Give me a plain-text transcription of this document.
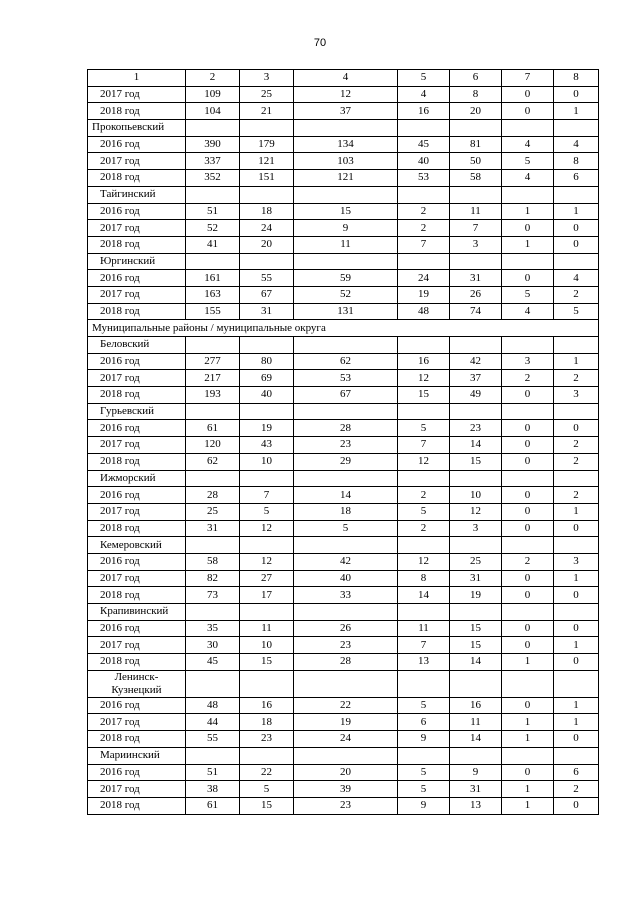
70
1	2	3	4	5	6	7	8
2017 год	109	25	12	4	8	0	0
2018 год	104	21	37	16	20	0	1
Прокопьевский							
2016 год	390	179	134	45	81	4	4
2017 год	337	121	103	40	50	5	8
2018 год	352	151	121	53	58	4	6
Тайгинский							
2016 год	51	18	15	2	11	1	1
2017 год	52	24	9	2	7	0	0
2018 год	41	20	11	7	3	1	0
Юргинский							
2016 год	161	55	59	24	31	0	4
2017 год	163	67	52	19	26	5	2
2018 год	155	31	131	48	74	4	5
Муниципальные районы / муниципальные округа							
Беловский							
2016 год	277	80	62	16	42	3	1
2017 год	217	69	53	12	37	2	2
2018 год	193	40	67	15	49	0	3
Гурьевский							
2016 год	61	19	28	5	23	0	0
2017 год	120	43	23	7	14	0	2
2018 год	62	10	29	12	15	0	2
Ижморский							
2016 год	28	7	14	2	10	0	2
2017 год	25	5	18	5	12	0	1
2018 год	31	12	5	2	3	0	0
Кемеровский							
2016 год	58	12	42	12	25	2	3
2017 год	82	27	40	8	31	0	1
2018 год	73	17	33	14	19	0	0
Крапивинский							
2016 год	35	11	26	11	15	0	0
2017 год	30	10	23	7	15	0	1
2018 год	45	15	28	13	14	1	0
Ленинск-Кузнецкий							
2016 год	48	16	22	5	16	0	1
2017 год	44	18	19	6	11	1	1
2018 год	55	23	24	9	14	1	0
Мариинский							
2016 год	51	22	20	5	9	0	6
2017 год	38	5	39	5	31	1	2
2018 год	61	15	23	9	13	1	0
